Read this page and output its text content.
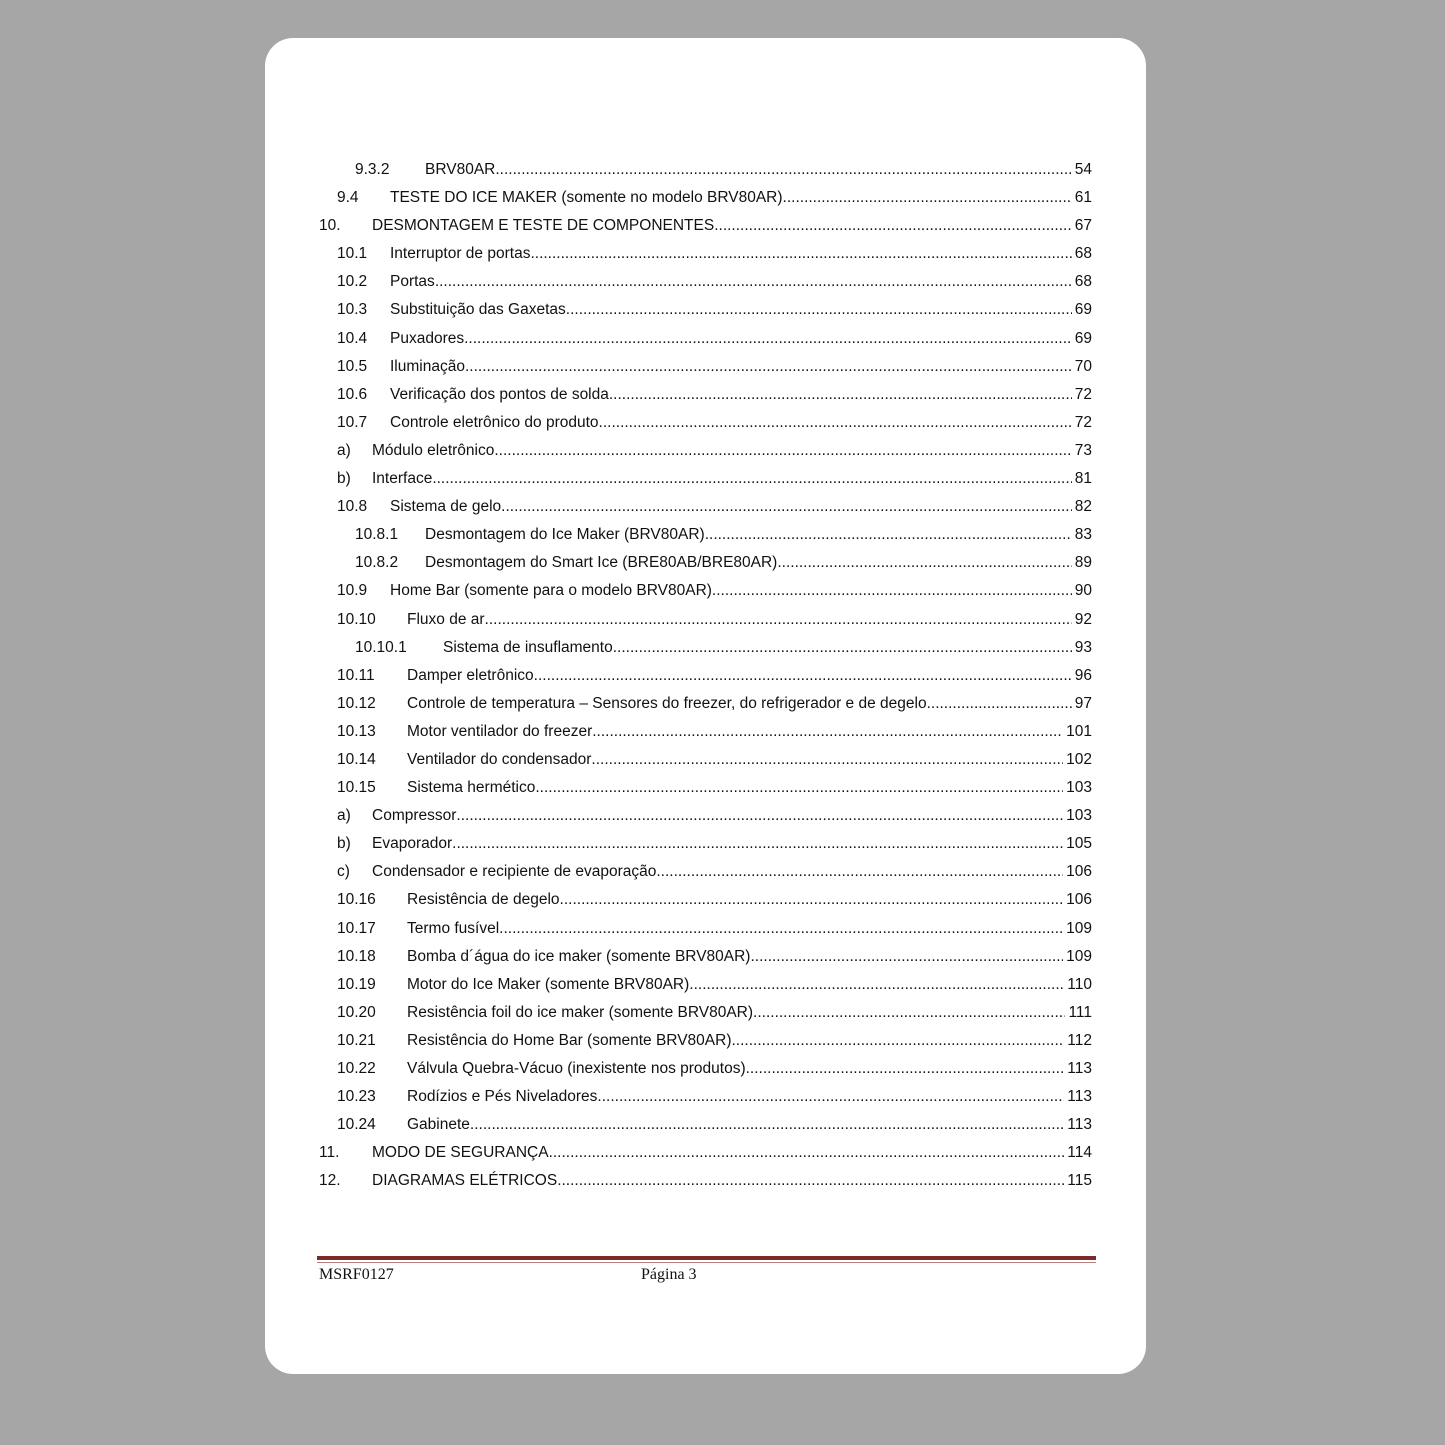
9.3.2 BRV80AR .....	54
9.4 TESTE DO ICE MAKER (somente no modelo BRV80AR) .....	61
10. DESMONTAGEM E TESTE DE COMPONENTES .....	67
10.1 Interruptor de portas .....	68
10.2 Portas .....	68
10.3 Substituição das Gaxetas .....	69
10.4 Puxadores .....	69
10.5 Iluminação .....	70
10.6 Verificação dos pontos de solda .....	72
10.7 Controle eletrônico do produto .....	72
a) Módulo eletrônico .....	73
b) Interface .....	81
10.8 Sistema de gelo .....	82
10.8.1 Desmontagem do Ice Maker (BRV80AR) .....	83
10.8.2 Desmontagem do Smart Ice (BRE80AB/BRE80AR) .....	89
10.9 Home Bar (somente para o modelo BRV80AR) .....	90
10.10 Fluxo de ar .....	92
10.10.1 Sistema de insuflamento .....	93
10.11 Damper eletrônico .....	96
10.12 Controle de temperatura – Sensores do freezer, do refrigerador e de degelo .....	97
10.13 Motor ventilador do freezer .....	101
10.14 Ventilador do condensador .....	102
10.15 Sistema hermético .....	103
a) Compressor .....	103
b) Evaporador .....	105
c) Condensador e recipiente de evaporação .....	106
10.16 Resistência de degelo .....	106
10.17 Termo fusível .....	109
10.18 Bomba d´água do ice maker (somente BRV80AR) .....	109
10.19 Motor do Ice Maker (somente BRV80AR) .....	110
10.20 Resistência foil do ice maker (somente BRV80AR) .....	111
10.21 Resistência do Home Bar (somente BRV80AR) .....	112
10.22 Válvula Quebra-Vácuo (inexistente nos produtos) .....	113
10.23 Rodízios e Pés Niveladores .....	113
10.24 Gabinete .....	113
11. MODO DE SEGURANÇA .....	114
12. DIAGRAMAS ELÉTRICOS .....	115
MSRF0127	Página 3
